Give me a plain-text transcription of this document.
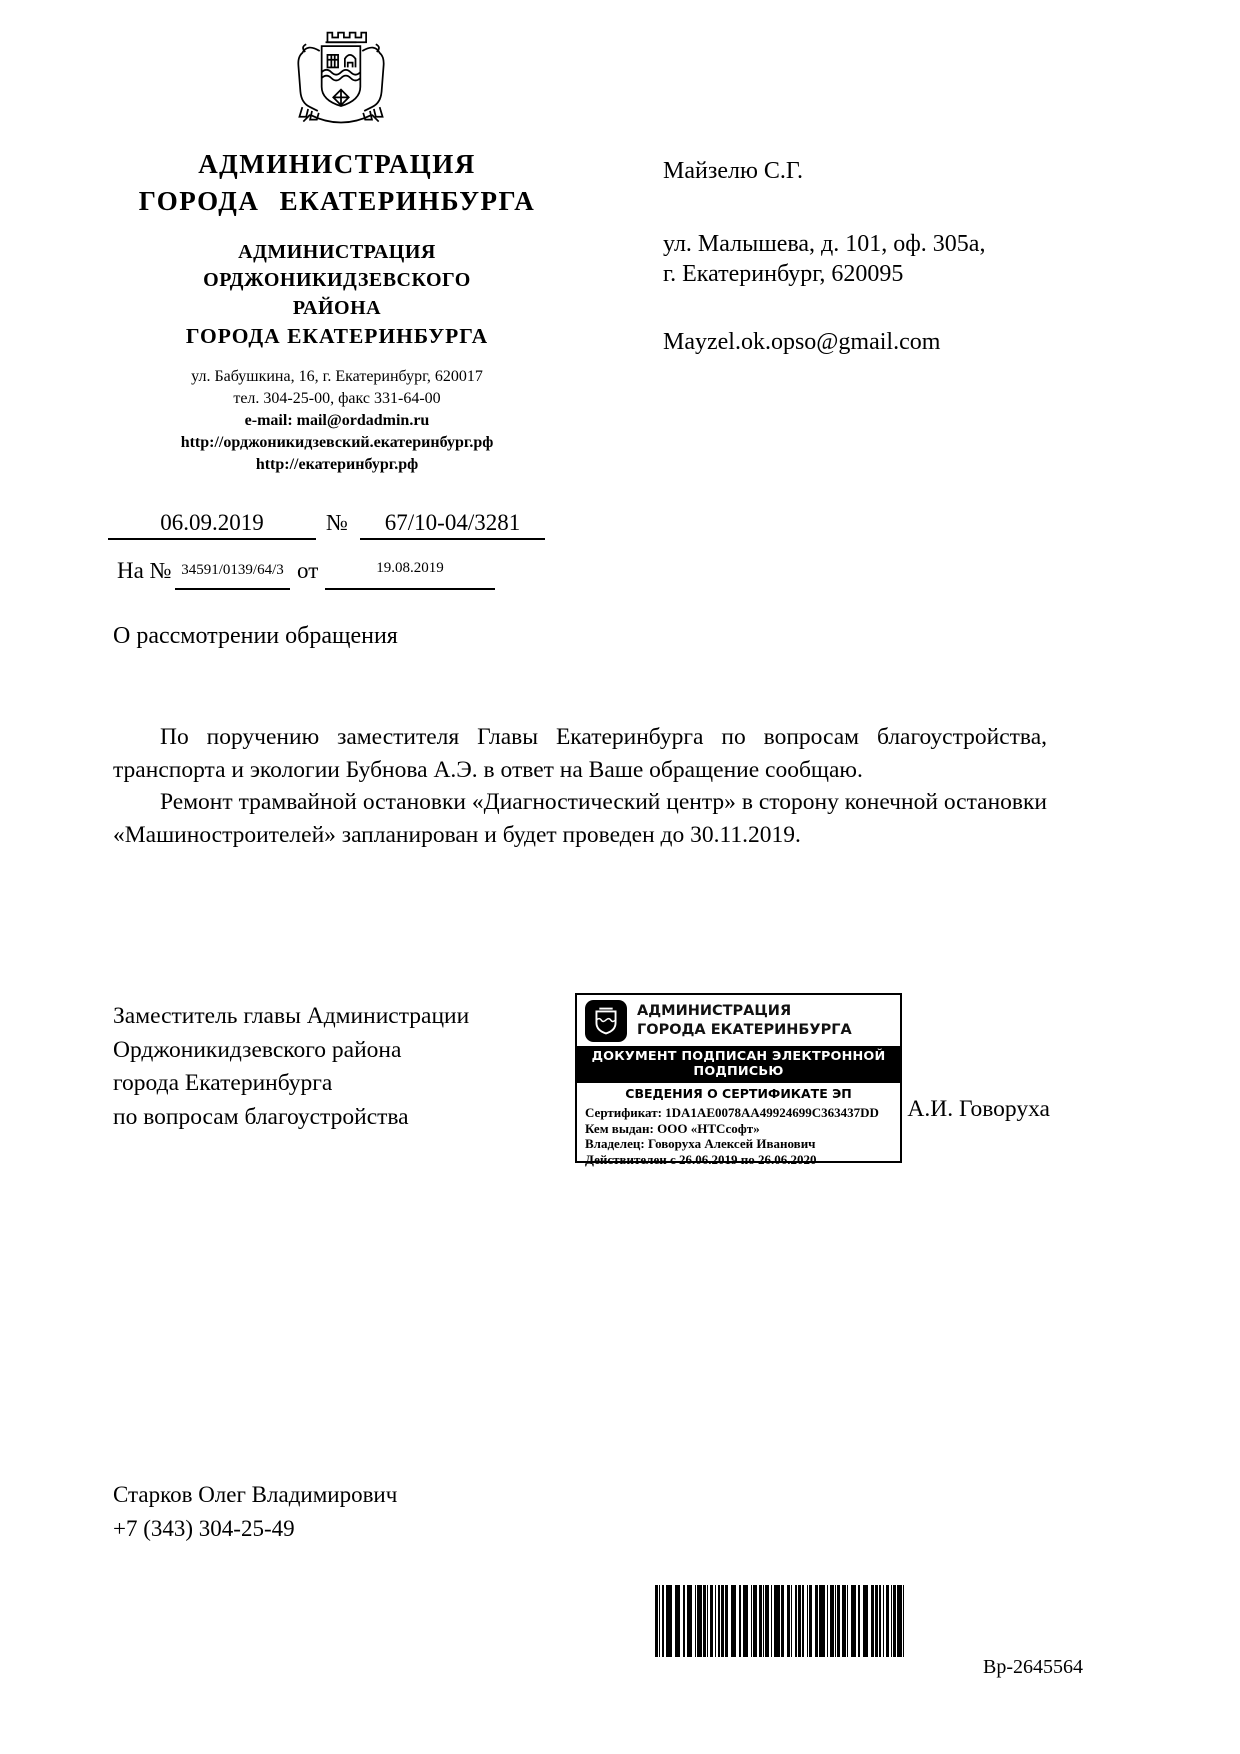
АДМИНИСТРАЦИЯ
ГОРОДА ЕКАТЕРИНБУРГА
АДМИНИСТРАЦИЯ
ОРДЖОНИКИДЗЕВСКОГО
РАЙОНА
ГОРОДА ЕКАТЕРИНБУРГА
ул. Бабушкина, 16, г. Екатеринбург, 620017
тел. 304-25-00, факс 331-64-00
e-mail: mail@ordadmin.ru
http://орджоникидзевский.екатеринбург.рф
http://екатеринбург.рф
Майзелю С.Г.
ул. Малышева, д. 101, оф. 305а,
г. Екатеринбург, 620095
Mayzel.ok.opso@gmail.com
06.09.2019	№	67/10-04/3281
На № 34591/0139/64/3 от	19.08.2019
О рассмотрении обращения

По поручению заместителя Главы Екатеринбурга по вопросам благоустройства, транспорта и экологии Бубнова А.Э. в ответ на Ваше обращение сообщаю.

Ремонт трамвайной остановки «Диагностический центр» в сторону конечной остановки «Машиностроителей» запланирован и будет проведен до 30.11.2019.

Заместитель главы Администрации
Орджоникидзевского района
города Екатеринбурга
по вопросам благоустройства
АДМИНИСТРАЦИЯ
ГОРОДА ЕКАТЕРИНБУРГА
ДОКУМЕНТ ПОДПИСАН ЭЛЕКТРОННОЙ ПОДПИСЬЮ
СВЕДЕНИЯ О СЕРТИФИКАТЕ ЭП
Сертификат: 1DA1AE0078AA49924699C363437DD
Кем выдан: ООО «НТСсофт»
Владелец: Говоруха Алексей Иванович
Действителен с 26.06.2019 по 26.06.2020
А.И. Говоруха
Старков Олег Владимирович
+7 (343) 304-25-49
Вр-2645564
